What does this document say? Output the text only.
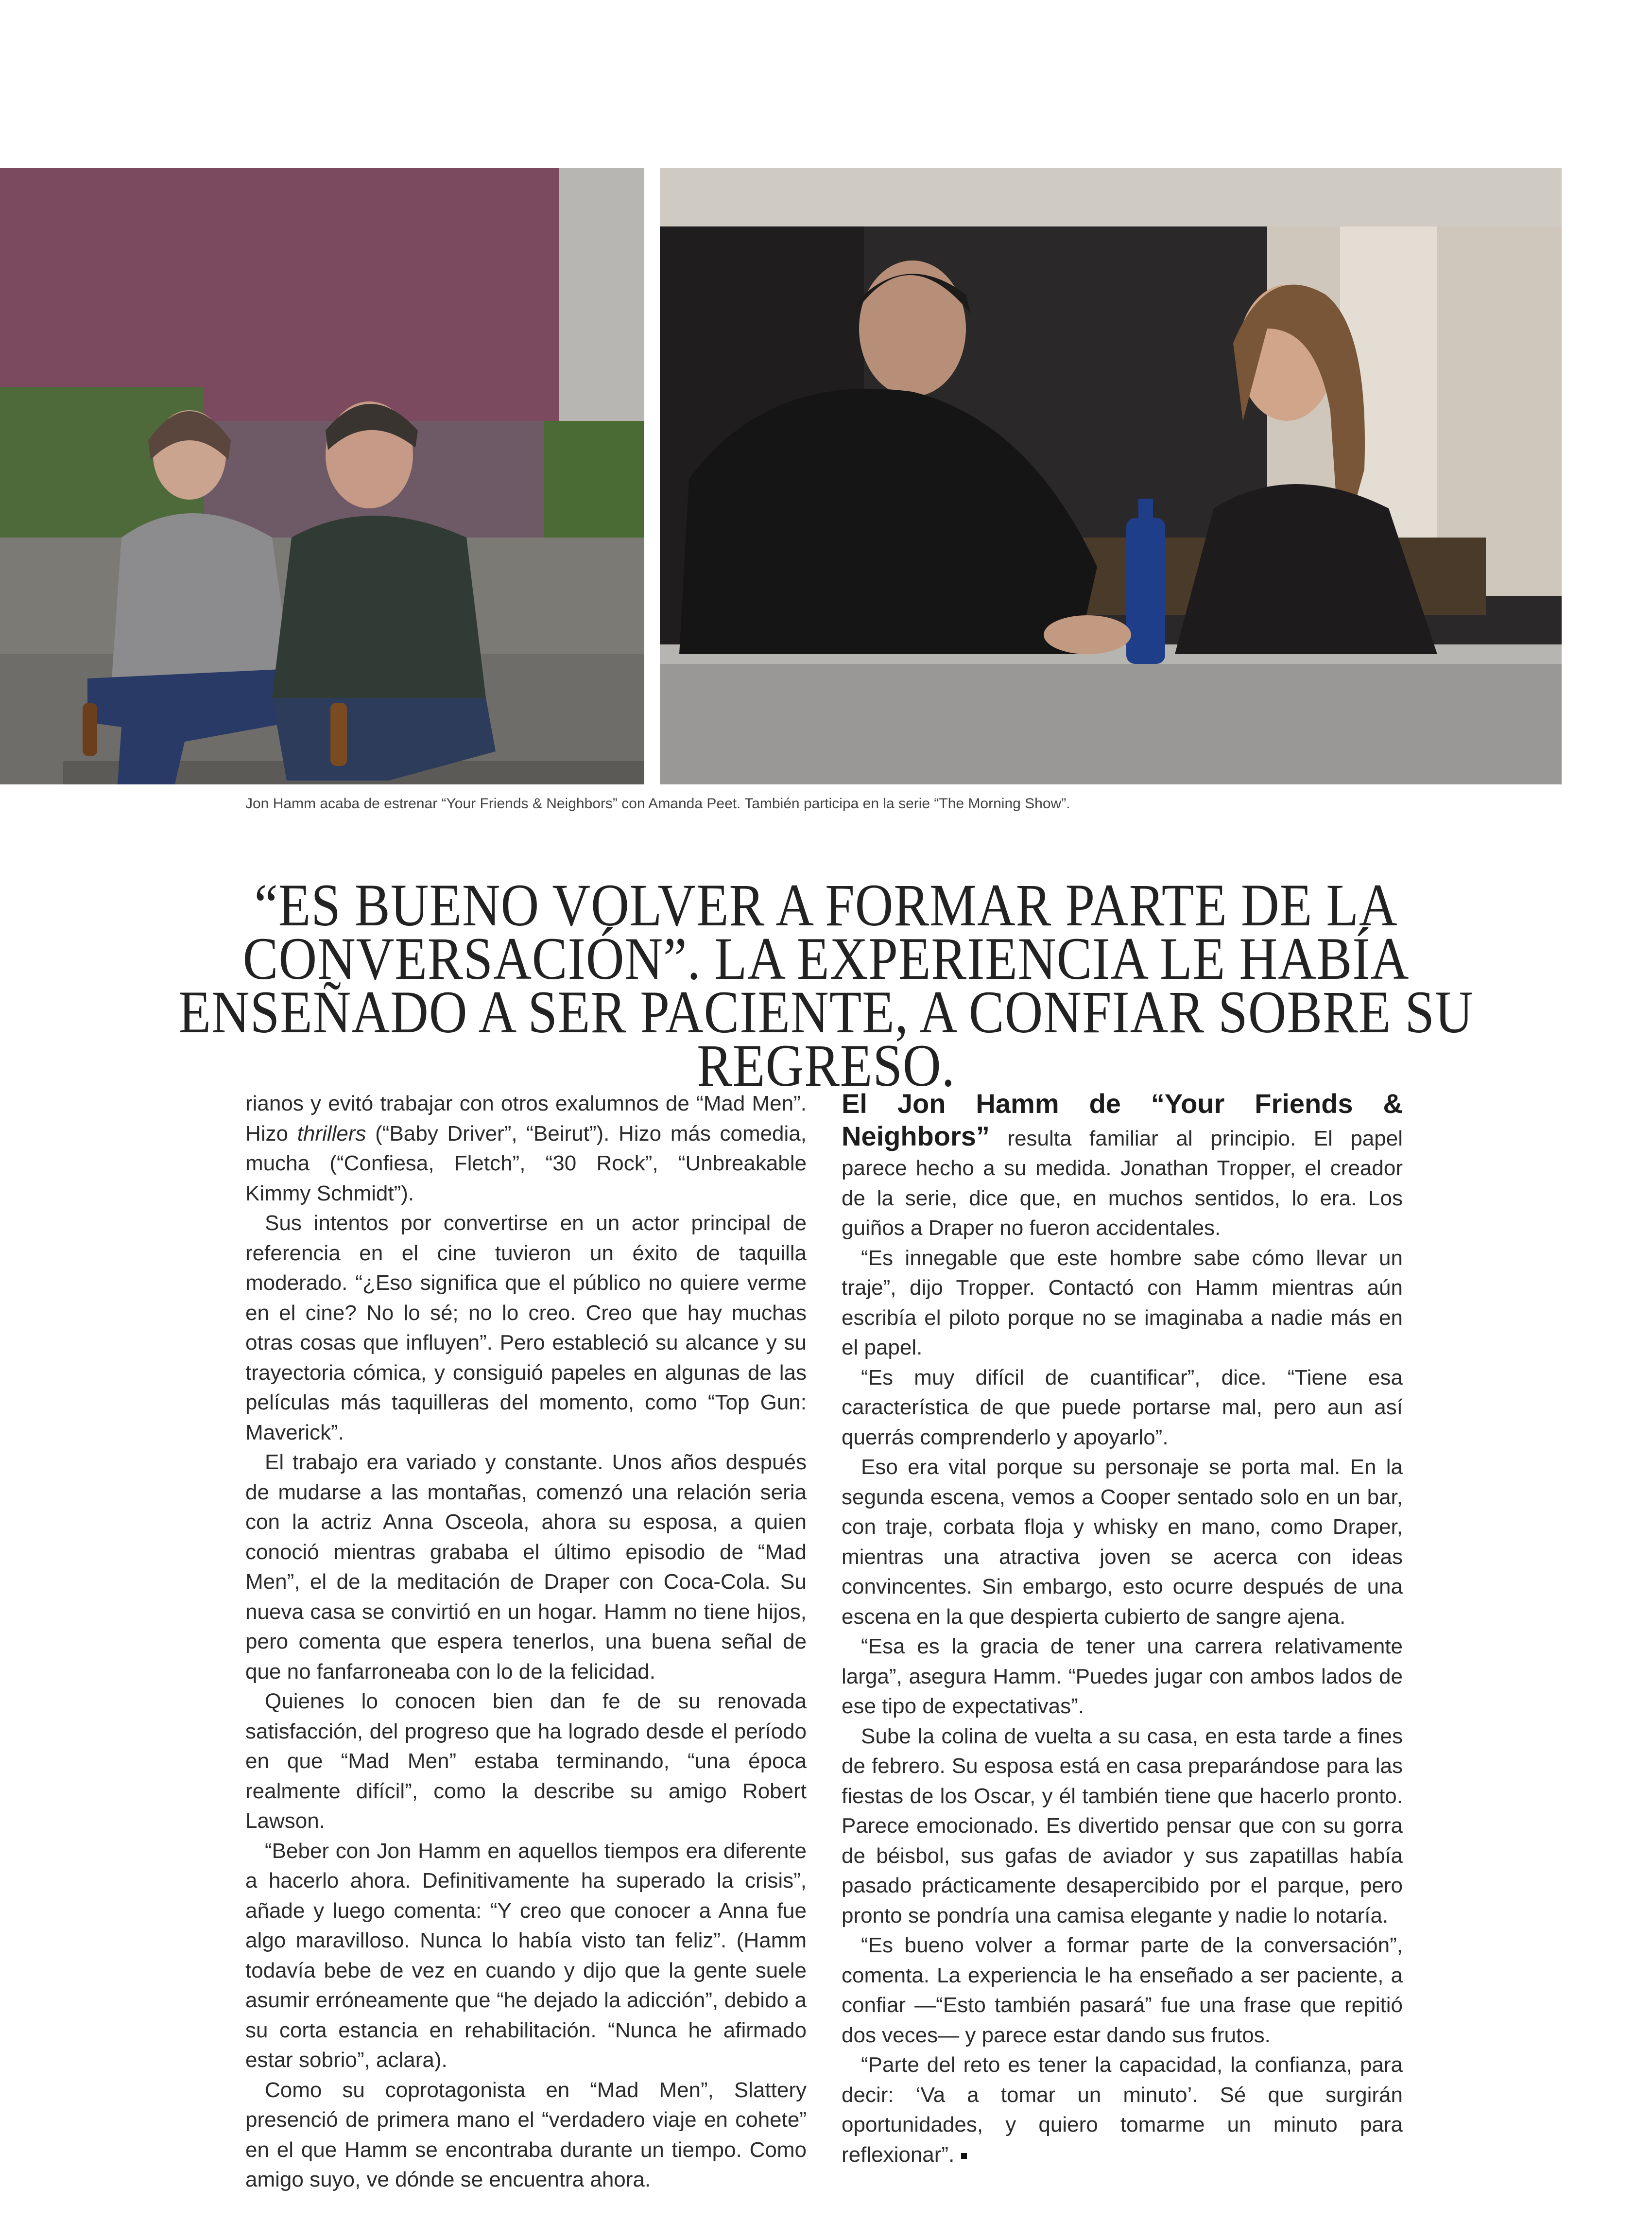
Jon Hamm acaba de estrenar “Your Friends & Neighbors” con Amanda Peet. También participa en la serie “The Morning Show”.
“ES BUENO VOLVER A FORMAR PARTE DE LA CONVERSACIÓN”. LA EXPERIENCIA LE HABÍA ENSEÑADO A SER PACIENTE, A CONFIAR SOBRE SU REGRESO.

rianos y evitó trabajar con otros exalumnos de “Mad Men”. Hizo thrillers (“Baby Driver”, “Beirut”). Hizo más comedia, mucha (“Confiesa, Fletch”, “30 Rock”, “Unbreakable Kimmy Schmidt”).

Sus intentos por convertirse en un actor principal de referencia en el cine tuvieron un éxito de taquilla moderado. “¿Eso significa que el público no quiere verme en el cine? No lo sé; no lo creo. Creo que hay muchas otras cosas que influyen”. Pero estableció su alcance y su trayectoria cómica, y consiguió papeles en algunas de las películas más taquilleras del momento, como “Top Gun: Maverick”.

El trabajo era variado y constante. Unos años después de mudarse a las montañas, comenzó una relación seria con la actriz Anna Osceola, ahora su esposa, a quien conoció mientras grababa el último episodio de “Mad Men”, el de la meditación de Draper con Coca-Cola. Su nueva casa se convirtió en un hogar. Hamm no tiene hijos, pero comenta que espera tenerlos, una buena señal de que no fanfarroneaba con lo de la felicidad.

Quienes lo conocen bien dan fe de su renovada satisfacción, del progreso que ha logrado desde el período en que “Mad Men” estaba terminando, “una época realmente difícil”, como la describe su amigo Robert Lawson.

“Beber con Jon Hamm en aquellos tiempos era diferente a hacerlo ahora. Definitivamente ha superado la crisis”, añade y luego comenta: “Y creo que conocer a Anna fue algo maravilloso. Nunca lo había visto tan feliz”. (Hamm todavía bebe de vez en cuando y dijo que la gente suele asumir erróneamente que “he dejado la adicción”, debido a su corta estancia en rehabilitación. “Nunca he afirmado estar sobrio”, aclara).

Como su coprotagonista en “Mad Men”, Slattery presenció de primera mano el “verdadero viaje en cohete” en el que Hamm se encontraba durante un tiempo. Como amigo suyo, ve dónde se encuentra ahora.

El Jon Hamm de “Your Friends & Neighbors” resulta familiar al principio. El papel parece hecho a su medida. Jonathan Tropper, el creador de la serie, dice que, en muchos sentidos, lo era. Los guiños a Draper no fueron accidentales.

“Es innegable que este hombre sabe cómo llevar un traje”, dijo Tropper. Contactó con Hamm mientras aún escribía el piloto porque no se imaginaba a nadie más en el papel.

“Es muy difícil de cuantificar”, dice. “Tiene esa característica de que puede portarse mal, pero aun así querrás comprenderlo y apoyarlo”.

Eso era vital porque su personaje se porta mal. En la segunda escena, vemos a Cooper sentado solo en un bar, con traje, corbata floja y whisky en mano, como Draper, mientras una atractiva joven se acerca con ideas convincentes. Sin embargo, esto ocurre después de una escena en la que despierta cubierto de sangre ajena.

“Esa es la gracia de tener una carrera relativamente larga”, asegura Hamm. “Puedes jugar con ambos lados de ese tipo de expectativas”.

Sube la colina de vuelta a su casa, en esta tarde a fines de febrero. Su esposa está en casa preparándose para las fiestas de los Oscar, y él también tiene que hacerlo pronto. Parece emocionado. Es divertido pensar que con su gorra de béisbol, sus gafas de aviador y sus zapatillas había pasado prácticamente desapercibido por el parque, pero pronto se pondría una camisa elegante y nadie lo notaría.

“Es bueno volver a formar parte de la conversación”, comenta. La experiencia le ha enseñado a ser paciente, a confiar —“Esto también pasará” fue una frase que repitió dos veces— y parece estar dando sus frutos.

“Parte del reto es tener la capacidad, la confianza, para decir: ‘Va a tomar un minuto’. Sé que surgirán oportunidades, y quiero tomarme un minuto para reflexionar”.
